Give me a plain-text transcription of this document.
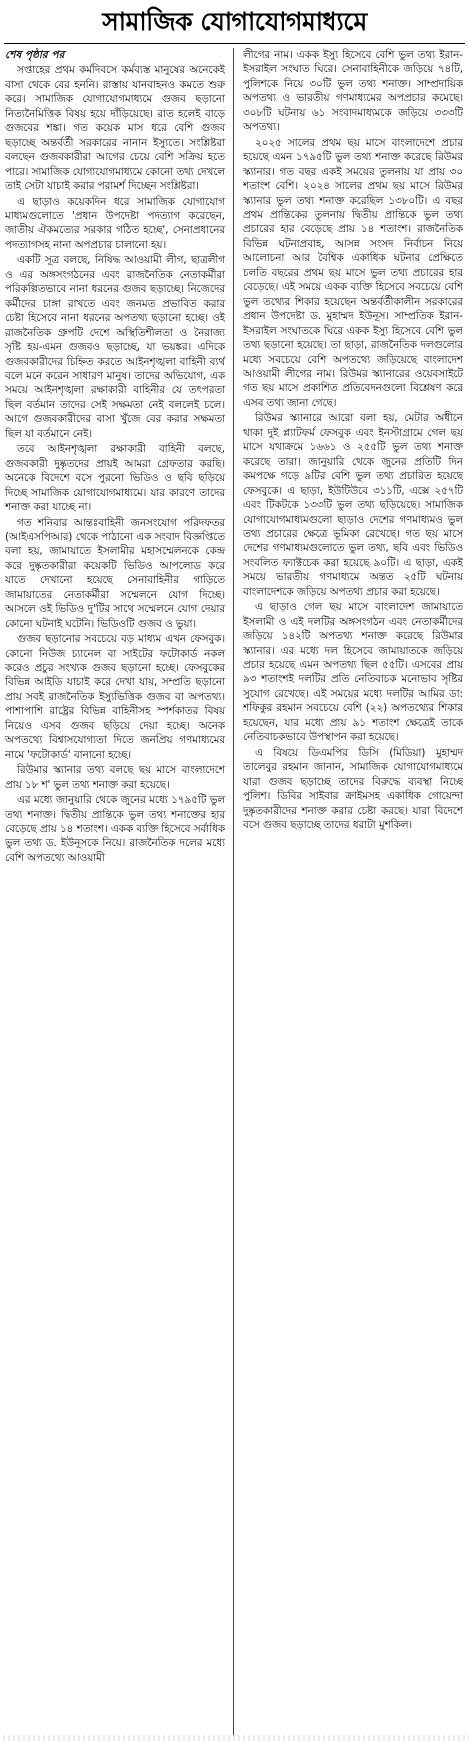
সামাজিক যোগাযোগমাধ্যমে

শেষ পৃষ্ঠার পর

সপ্তাহের প্রথম কর্মদিবসে কর্মব্যস্ত মানুষের অনেকেই বাসা থেকে বের হননি। রাস্তায় যানবাহনও কমতে শুরু করে। সামাজিক যোগাযোগমাধ্যমে গুজব ছড়ানো নিত্যনৈমিত্তিক বিষয় হয়ে দাঁড়িয়েছে। রাত হলেই বাড়ে গুজবের শঙ্কা। গত কয়েক মাস ধরে বেশি গুজব ছড়াচ্ছে অন্তর্বর্তী সরকারের নানান ইস্যুতে। সংশ্লিষ্টরা বলছেন গুজবকারীরা আগের চেয়ে বেশি সক্রিয় হতে পারে। সামাজিক যোগাযোগমাধ্যমে কোনো তথ্য দেখলে তাই সেটা যাচাই করার পরামর্শ দিচ্ছেন সংশ্লিষ্টরা।

এ ছাড়াও কয়েকদিন ধরে সামাজিক যোগাযোগ মাধ্যমগুলোতে 'প্রধান উপদেষ্টা পদত্যাগ করেছেন, জাতীয় ঐকমত্যের সরকার গঠিত হচ্ছে', সেনাপ্রধানের পদত্যাগসহ নানা অপপ্রচার চালানো হয়।

একটি সূত্র বলছে, নিষিদ্ধ আওয়ামী লীগ, ছাত্রলীগ ও এর অঙ্গসংগঠনের এবং রাজনৈতিক নেতাকর্মীরা পরিকল্পিতভাবে নানা ধরনের গুজব ছড়াচ্ছে। নিজেদের কর্মীদের চাঙ্গা রাখতে এবং জনমত প্রভাবিত করার চেষ্টা হিসেবে নানা ধরনের অপতথ্য ছড়ানো হচ্ছে। ওই রাজনৈতিক গ্রুপটি দেশে অস্থিতিশীলতা ও নৈরাজ্য সৃষ্টি হয়-এমন গুজবও ছড়াচ্ছে, যা ভয়ঙ্কর। এদিকে গুজবকারীদের চিহ্নিত করতে আইনশৃঙ্খলা বাহিনী ব্যর্থ বলে মনে করেন সাধারণ মানুষ। তাদের অভিযোগ, এক সময়ে আইনশৃঙ্খলা রক্ষাকারী বাহিনীর যে তৎপরতা ছিল বর্তমান তাদের সেই সক্ষমতা নেই বললেই চলে। আগে গুজবকারীদের বাসা খুঁজে বের করার সক্ষমতা ছিল যা বর্তমানে নেই।

তবে আইনশৃঙ্খলা রক্ষাকারী বাহিনী বলছে, গুজবকারী দুষ্কৃতদের প্রায়ই আমরা গ্রেফতার করছি। অনেকে বিদেশে বসে পুরনো ভিডিও ও ছবি ছড়িয়ে দিচ্ছে সামাজিক যোগাযোগমাধ্যমে। যার কারণে তাদের শনাক্ত করা যাচ্ছে না।

গত শনিবার আন্তঃবাহিনী জনসংযোগ পরিদফতর (আইএসপিআর) থেকে পাঠানো এক সংবাদ বিজ্ঞপ্তিতে বলা হয়, জামায়াতে ইসলামীর মহাসম্মেলনকে কেন্দ্র করে দুষ্কৃতকারীরা কয়েকটি ভিডিও আপলোড করে যাতে দেখানো হয়েছে সেনাবাহিনীর গাড়িতে জামায়াতের নেতাকর্মীরা সম্মেলনে যোগ দিচ্ছে। আসলে ওই ভিডিও দু'টির সাথে সম্মেলনে যোগ দেয়ার কোনো ঘটনাই ঘটেনি। ভিডিওটি গুজব ও ভুয়া।

গুজব ছড়ানোর সবচেয়ে বড় মাধ্যম এখন ফেসবুক। কোনো নিউজ চ্যানেল বা সাইটের ফটোকার্ড নকল করেও প্রচুর সংখ্যক গুজব ছড়ানো হচ্ছে। ফেসবুকের বিভিন্ন আইডি যাচাই করে দেখা যায়, সম্প্রতি ছড়ানো প্রায় সবই রাজনৈতিক ইস্যুভিত্তিক গুজব বা অপতথ্য। পাশাপাশি রাষ্ট্রের বিভিন্ন বাহিনীসহ স্পর্শকাতর বিষয় নিয়েও এসব গুজব ছড়িয়ে দেয়া হচ্ছে। অনেক অপতথ্যে বিশ্বাসযোগ্যতা দিতে জনপ্রিয় গণমাধ্যমের নামে 'ফটোকার্ড' বানানো হচ্ছে।

রিউমার স্ক্যানার তথ্য বলছে ছয় মাসে বাংলাদেশে প্রায় ১৮ শ' ভুল তথ্য শনাক্ত করা হয়েছে।

এর মধ্যে জানুয়ারি থেকে জুনের মধ্যে ১৭৯৫টি ভুল তথ্য শনাক্ত। দ্বিতীয় প্রান্তিকে ভুল তথ্য শনাক্তের হার বেড়েছে প্রায় ১৪ শতাংশ। একক ব্যক্তি হিসেবে সর্বাধিক ভুল তথ্য ড. ইউনূসকে নিয়ে। রাজনৈতিক দলের মধ্যে বেশি অপতথ্যে আওয়ামী

লীগের নাম। একক ইস্যু হিসেবে বেশি ভুল তথ্য ইরান-ইসরাইল সংঘাত ঘিরে। সেনাবাহিনীকে জড়িয়ে ৭৪টি, পুলিশকে নিয়ে ৩০টি ভুল তথ্য শনাক্ত। সাম্প্রদায়িক অপতথ্য ও ভারতীয় গণমাধ্যমের অপপ্রচার কমেছে। ৩০৮টি ঘটনায় ৬১ সংবাদমাধ্যমকে জড়িয়ে ৩৩৩টি অপতথ্য।

২০২৫ সালের প্রথম ছয় মাসে বাংলাদেশে প্রচার হয়েছে এমন ১৭৯৫টি ভুল তথ্য শনাক্ত করেছে রিউমর স্ক্যানার। গত বছর একই সময়ের তুলনায় যা প্রায় ৩০ শতাংশ বেশি। ২০২৪ সালের প্রথম ছয় মাসে রিউমর স্ক্যানার ভুল তথ্য শনাক্ত করেছিল ১৩৮০টি। এ বছর প্রথম প্রান্তিকের তুলনায় দ্বিতীয় প্রান্তিকে ভুল তথ্য প্রচারের হার বেড়েছে প্রায় ১৪ শতাংশ। রাজনৈতিক বিভিন্ন ঘটনাপ্রবাহ, আসন্ন সংসদ নির্বাচন নিয়ে আলোচনা আর বৈশ্বিক একাধিক ঘটনার প্রেক্ষিতে চলতি বছরের প্রথম ছয় মাসে ভুল তথ্য প্রচারের হার বেড়েছে। এই সময়ে একক ব্যক্তি হিসেবে সবচেয়ে বেশি ভুল তথ্যের শিকার হয়েছেন অন্তর্বর্তীকালীন সরকারের প্রধান উপদেষ্টা ড. মুহাম্মদ ইউনূস। সাম্প্রতিক ইরান-ইসরাইল সংঘাতকে ঘিরে একক ইস্যু হিসেবে বেশি ভুল তথ্য ছড়ানো হয়েছে। তা ছাড়া, রাজনৈতিক দলগুলোর মধ্যে সবচেয়ে বেশি অপতথ্যে জড়িয়েছে বাংলাদেশ আওয়ামী লীগের নাম। রিউমর স্ক্যানারের ওয়েবসাইটে গত ছয় মাসে প্রকাশিত প্রতিবেদনগুলো বিশ্লেষণ করে এসব তথ্য জানা গেছে।

রিউমর স্ক্যানারে আরো বলা হয়, মেটার অধীনে থাকা দুই প্ল্যাটফর্ম ফেসবুক এবং ইনস্টাগ্রামে গেল ছয় মাসে যথাক্রমে ১৬৬১ ও ২৫৫টি ভুল তথ্য শনাক্ত করেছে তারা। জানুয়ারি থেকে জুনের প্রতিটি দিন কমপক্ষে গড়ে ৯টির বেশি ভুল তথ্য প্রচারিত হয়েছে ফেসবুকে। এ ছাড়া, ইউটিউবে ৩১১টি, এক্সে ২৫৭টি এবং টিকটকে ১৩৩টি ভুল তথ্য ছড়িয়েছে। সামাজিক যোগাযোগমাধ্যমগুলো ছাড়াও দেশের গণমাধ্যমও ভুল তথ্য প্রচারের ক্ষেত্রে ভূমিকা রেখেছে। গত ছয় মাসে দেশের গণমাধ্যমগুলোতে ভুল তথ্য, ছবি এবং ভিডিও সংবলিত ফ্যাক্টচেক করা হয়েছে ৯০টি। এ ছাড়া, একই সময়ে ভারতীয় গণমাধ্যমে অন্তত ২৫টি ঘটনায় বাংলাদেশকে জড়িয়ে অপতথ্য প্রচার করা হয়েছে।

এ ছাড়াও গেল ছয় মাসে বাংলাদেশ জামায়াতে ইসলামী ও এই দলটির অঙ্গসংগঠন এবং নেতাকর্মীদের জড়িয়ে ১৪২টি অপতথ্য শনাক্ত করেছে রিউমার স্ক্যানার। এর মধ্যে দল হিসেবে জামায়াতকে জড়িয়ে প্রচার হয়েছে এমন অপতথ্য ছিল ৫৫টি। এসবের প্রায় ৯৩ শতাংশই দলটির প্রতি নেতিবাচক মনোভাব সৃষ্টির সুযোগ রেখেছে। এই সময়ের মধ্যে দলটির আমির ডা: শফিকুর রহমান সবচেয়ে বেশি (২২) অপতথ্যের শিকার হয়েছেন, যার মধ্যে প্রায় ৯১ শতাংশ ক্ষেত্রেই তাকে নেতিবাচকভাবে উপস্থাপন করা হয়েছে।

এ বিষয়ে ডিএমপির ডিসি (মিডিয়া) মুহাম্মদ তালেবুর রহমান জানান, সামাজিক যোগাযোগমাধ্যমে যারা গুজব ছড়াচ্ছে তাদের বিরুদ্ধে ব্যবস্থা নিচ্ছে পুলিশ। ডিবির সাইবার ক্রাইমসহ একাধিক গোয়েন্দা দুষ্কৃতকারীদের শনাক্ত করার চেষ্টা করছে। যারা বিদেশে বসে গুজব ছড়াচ্ছে তাদের ধরাটা মুশকিল।
